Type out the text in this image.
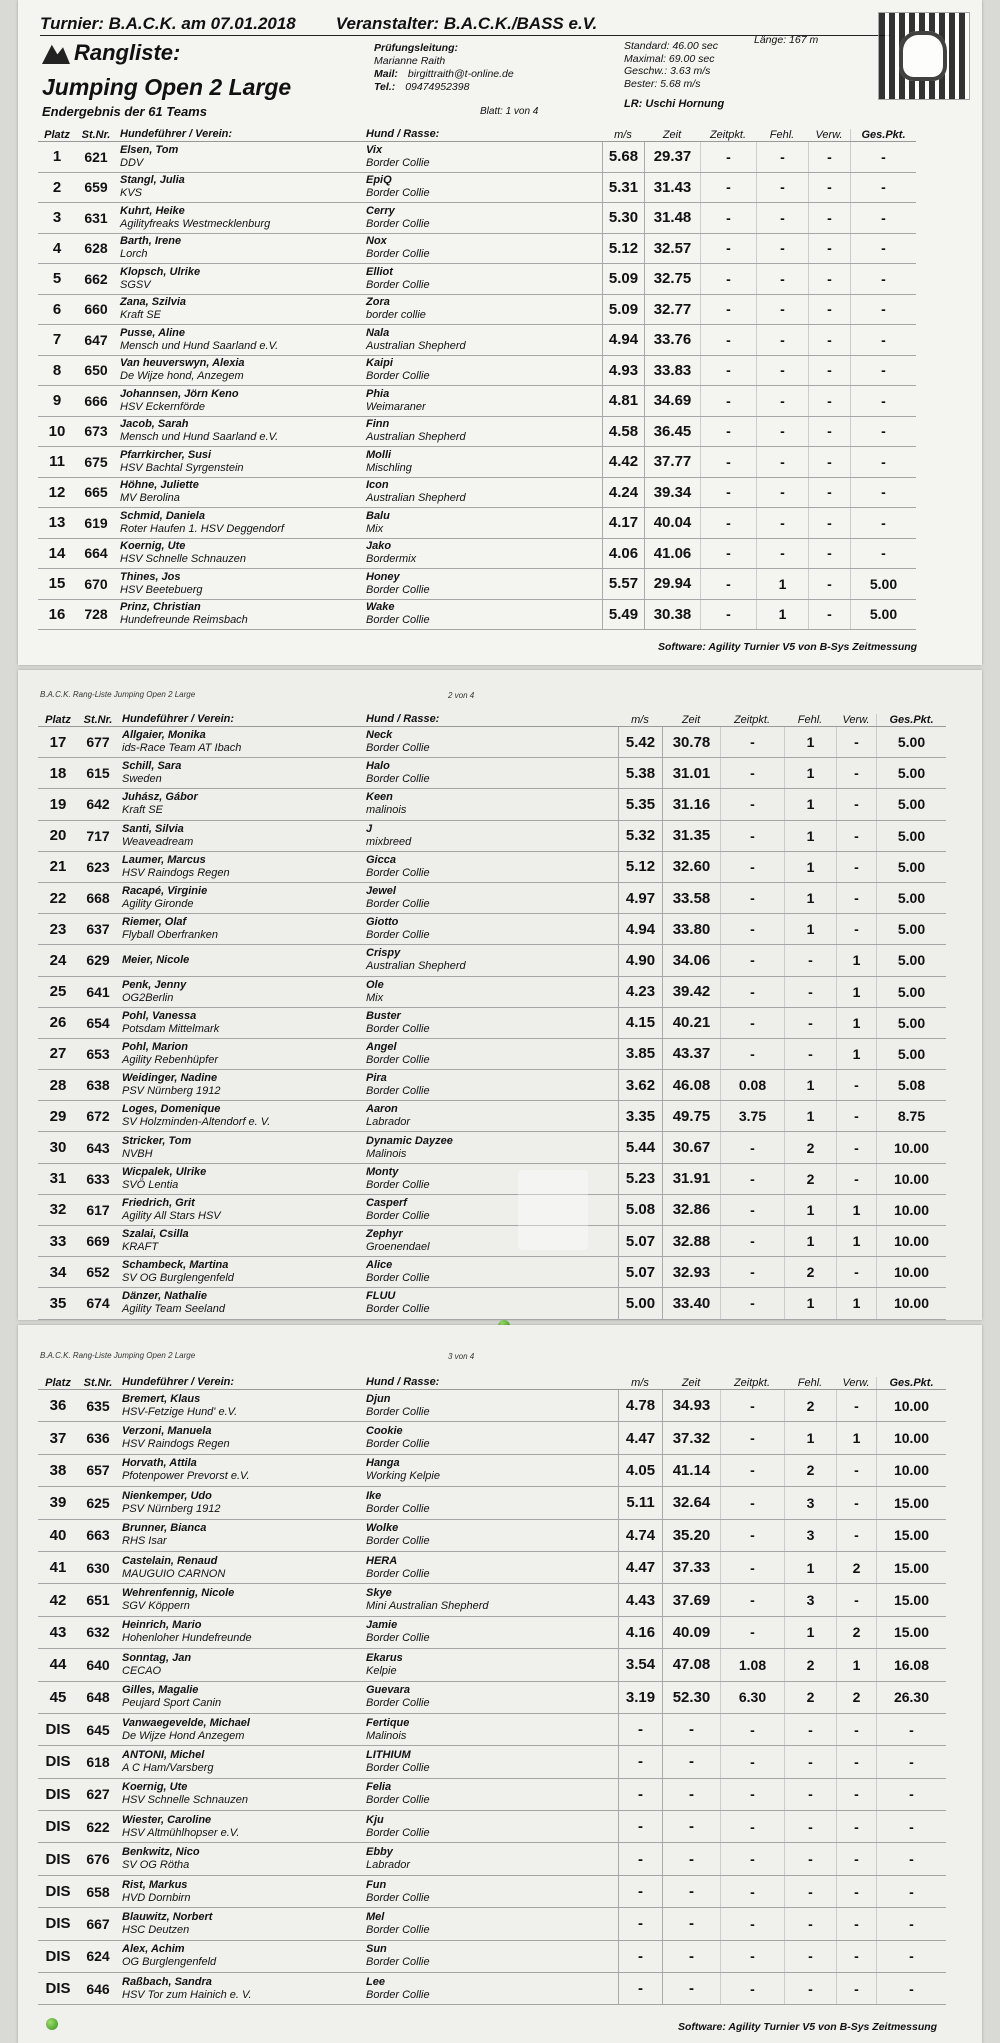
Turnier: B.A.C.K. am 07.01.2018 Veranstalter: B.A.C.K./BASS e.V.
Rangliste:
Jumping Open 2 Large
Endergebnis der 61 Teams
Prüfungsleitung:
Marianne Raith
Mail: birgittraith@t-online.de
Tel.: 09474952398
Blatt: 1 von 4
Standard: 46.00 sec
Maximal: 69.00 sec
Geschw.: 3.63 m/s
Bester: 5.68 m/s
Länge: 167 m
LR: Uschi Hornung
Platz	St.Nr. Hundeführer / Verein:	Hund / Rasse:	m/s	Zeit	Zeitpkt.	Fehl.	Verw.	Ges.Pkt.
1	621	Elsen, Tom
DDV
Vix
Border Collie	5.68	29.37	-	-	-	-
2	659	Stangl, Julia
KVS
EpiQ
Border Collie	5.31	31.43	-	-	-	-
3	631	Kuhrt, Heike
Agilityfreaks Westmecklenburg
Cerry
Border Collie	5.30	31.48	-	-	-	-
4	628	Barth, Irene
Lorch
Nox
Border Collie	5.12	32.57	-	-	-	-
5	662	Klopsch, Ulrike
SGSV
Elliot
Border Collie	5.09	32.75	-	-	-	-
6	660	Zana, Szilvia
Kraft SE
Zora
border collie	5.09	32.77	-	-	-	-
7	647	Pusse, Aline
Mensch und Hund Saarland e.V.
Nala
Australian Shepherd	4.94	33.76	-	-	-	-
8	650	Van heuverswyn, Alexia
De Wijze hond, Anzegem
Kaipi
Border Collie	4.93	33.83	-	-	-	-
9	666	Johannsen, Jörn Keno
HSV Eckernförde
Phia
Weimaraner	4.81	34.69	-	-	-	-
10	673	Jacob, Sarah
Mensch und Hund Saarland e.V.
Finn
Australian Shepherd	4.58	36.45	-	-	-	-
11	675	Pfarrkircher, Susi
HSV Bachtal Syrgenstein
Molli
Mischling	4.42	37.77	-	-	-	-
12	665	Höhne, Juliette
MV Berolina
Icon
Australian Shepherd	4.24	39.34	-	-	-	-
13	619	Schmid, Daniela
Roter Haufen 1. HSV Deggendorf
Balu
Mix	4.17	40.04	-	-	-	-
14	664	Koernig, Ute
HSV Schnelle Schnauzen
Jako
Bordermix	4.06	41.06	-	-	-	-
15	670	Thines, Jos
HSV Beetebuerg
Honey
Border Collie	5.57	29.94	-	1	-	5.00
16	728	Prinz, Christian
Hundefreunde Reimsbach
Wake
Border Collie	5.49	30.38	-	1	-	5.00
Software: Agility Turnier V5 von B-Sys Zeitmessung
B.A.C.K. Rang-Liste Jumping Open 2 Large	2 von 4
Platz	St.Nr. Hundeführer / Verein:	Hund / Rasse:	m/s	Zeit	Zeitpkt.	Fehl.	Verw.	Ges.Pkt.
17	677	Allgaier, Monika
ids-Race Team AT Ibach
Neck
Border Collie	5.42	30.78	-	1	-	5.00
18	615	Schill, Sara
Sweden
Halo
Border Collie	5.38	31.01	-	1	-	5.00
19	642	Juhász, Gábor
Kraft SE
Keen
malinois	5.35	31.16	-	1	-	5.00
20	717	Santi, Silvia
Weaveadream
J
mixbreed	5.32	31.35	-	1	-	5.00
21	623	Laumer, Marcus
HSV Raindogs Regen
Gicca
Border Collie	5.12	32.60	-	1	-	5.00
22	668	Racapé, Virginie
Agility Gironde
Jewel
Border Collie	4.97	33.58	-	1	-	5.00
23	637	Riemer, Olaf
Flyball Oberfranken
Giotto
Border Collie	4.94	33.80	-	1	-	5.00
24	629	Meier, Nicole
Crispy
Australian Shepherd	4.90	34.06	-	-	1	5.00
25	641	Penk, Jenny
OG2Berlin
Ole
Mix	4.23	39.42	-	-	1	5.00
26	654	Pohl, Vanessa
Potsdam Mittelmark
Buster
Border Collie	4.15	40.21	-	-	1	5.00
27	653	Pohl, Marion
Agility Rebenhüpfer
Angel
Border Collie	3.85	43.37	-	-	1	5.00
28	638	Weidinger, Nadine
PSV Nürnberg 1912
Pira
Border Collie	3.62	46.08	0.08	1	-	5.08
29	672	Loges, Domenique
SV Holzminden-Altendorf e. V.
Aaron
Labrador	3.35	49.75	3.75	1	-	8.75
30	643	Stricker, Tom
NVBH
Dynamic Dayzee
Malinois	5.44	30.67	-	2	-	10.00
31	633	Wicpalek, Ulrike
SVÖ Lentia
Monty
Border Collie	5.23	31.91	-	2	-	10.00
32	617	Friedrich, Grit
Agility All Stars HSV
Casperf
Border Collie	5.08	32.86	-	1	1	10.00
33	669	Szalai, Csilla
KRAFT
Zephyr
Groenendael	5.07	32.88	-	1	1	10.00
34	652	Schambeck, Martina
SV OG Burglengenfeld
Alice
Border Collie	5.07	32.93	-	2	-	10.00
35	674	Dänzer, Nathalie
Agility Team Seeland
FLUU
Border Collie	5.00	33.40	-	1	1	10.00
B.A.C.K. Rang-Liste Jumping Open 2 Large	3 von 4
Platz	St.Nr. Hundeführer / Verein:	Hund / Rasse:	m/s	Zeit	Zeitpkt.	Fehl.	Verw.	Ges.Pkt.
36	635	Bremert, Klaus
HSV-Fetzige Hund' e.V.
Djun
Border Collie	4.78	34.93	-	2	-	10.00
37	636	Verzoni, Manuela
HSV Raindogs Regen
Cookie
Border Collie	4.47	37.32	-	1	1	10.00
38	657	Horvath, Attila
Pfotenpower Prevorst e.V.
Hanga
Working Kelpie	4.05	41.14	-	2	-	10.00
39	625	Nienkemper, Udo
PSV Nürnberg 1912
Ike
Border Collie	5.11	32.64	-	3	-	15.00
40	663	Brunner, Bianca
RHS Isar
Wolke
Border Collie	4.74	35.20	-	3	-	15.00
41	630	Castelain, Renaud
MAUGUIO CARNON
HERA
Border Collie	4.47	37.33	-	1	2	15.00
42	651	Wehrenfennig, Nicole
SGV Köppern
Skye
Mini Australian Shepherd	4.43	37.69	-	3	-	15.00
43	632	Heinrich, Mario
Hohenloher Hundefreunde
Jamie
Border Collie	4.16	40.09	-	1	2	15.00
44	640	Sonntag, Jan
CECAO
Ekarus
Kelpie	3.54	47.08	1.08	2	1	16.08
45	648	Gilles, Magalie
Peujard Sport Canin
Guevara
Border Collie	3.19	52.30	6.30	2	2	26.30
DIS	645	Vanwaegevelde, Michael
De Wijze Hond Anzegem
Fertique
Malinois	-	-	-	-	-	-
DIS	618	ANTONI, Michel
A C Ham/Varsberg
LITHIUM
Border Collie	-	-	-	-	-	-
DIS	627	Koernig, Ute
HSV Schnelle Schnauzen
Felia
Border Collie	-	-	-	-	-	-
DIS	622	Wiester, Caroline
HSV Altmühlhopser e.V.
Kju
Border Collie	-	-	-	-	-	-
DIS	676	Benkwitz, Nico
SV OG Rötha
Ebby
Labrador	-	-	-	-	-	-
DIS	658	Rist, Markus
HVD Dornbirn
Fun
Border Collie	-	-	-	-	-	-
DIS	667	Blauwitz, Norbert
HSC Deutzen
Mel
Border Collie	-	-	-	-	-	-
DIS	624	Alex, Achim
OG Burglengenfeld
Sun
Border Collie	-	-	-	-	-	-
DIS	646	Raßbach, Sandra
HSV Tor zum Hainich e. V.
Lee
Border Collie	-	-	-	-	-	-
Software: Agility Turnier V5 von B-Sys Zeitmessung
